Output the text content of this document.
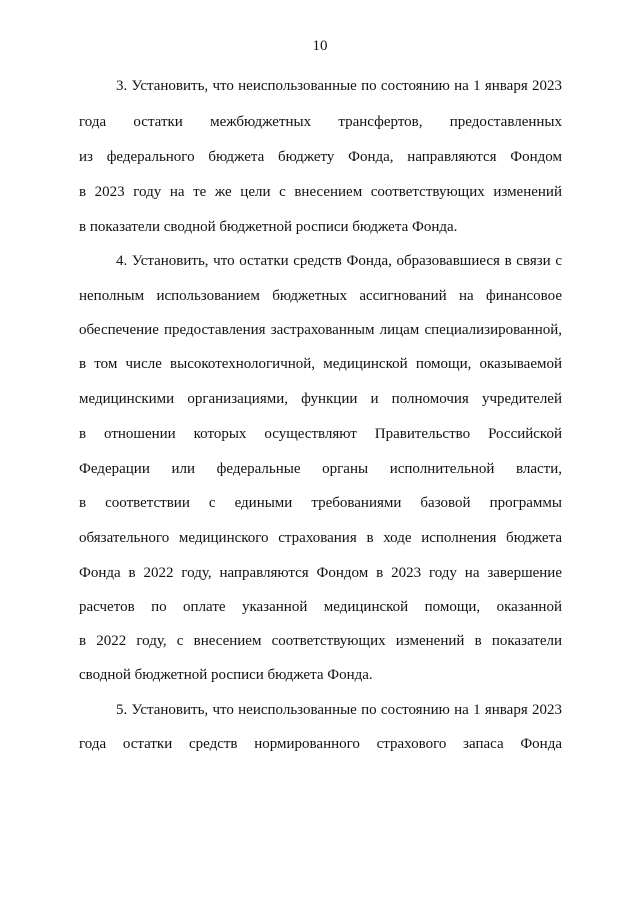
10
3. Установить, что неиспользованные по состоянию на 1 января 2023
года остатки межбюджетных трансфертов, предоставленных
из федерального бюджета бюджету Фонда, направляются Фондом
в 2023 году на те же цели с внесением соответствующих изменений
в показатели сводной бюджетной росписи бюджета Фонда.
4. Установить, что остатки средств Фонда, образовавшиеся в связи с
неполным использованием бюджетных ассигнований на финансовое
обеспечение предоставления застрахованным лицам специализированной,
в том числе высокотехнологичной, медицинской помощи, оказываемой
медицинскими организациями, функции и полномочия учредителей
в отношении которых осуществляют Правительство Российской
Федерации или федеральные органы исполнительной власти,
в соответствии с едиными требованиями базовой программы
обязательного медицинского страхования в ходе исполнения бюджета
Фонда в 2022 году, направляются Фондом в 2023 году на завершение
расчетов по оплате указанной медицинской помощи, оказанной
в 2022 году, с внесением соответствующих изменений в показатели
сводной бюджетной росписи бюджета Фонда.
5. Установить, что неиспользованные по состоянию на 1 января 2023
года остатки средств нормированного страхового запаса Фонда
